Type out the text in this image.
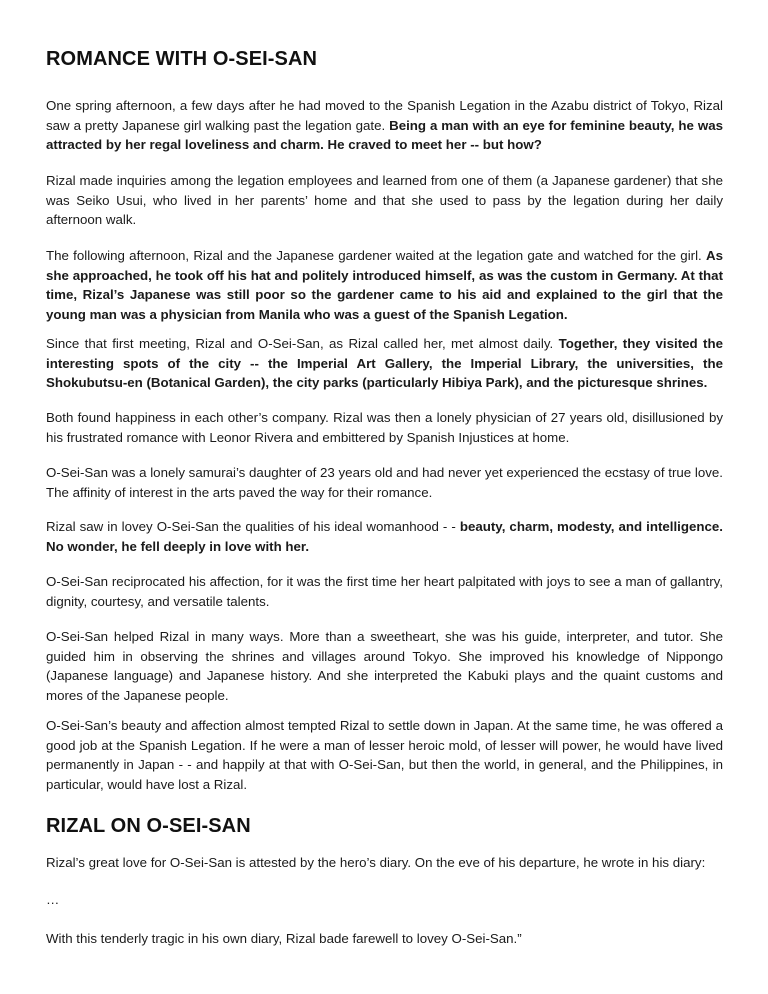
ROMANCE WITH O-SEI-SAN

One spring afternoon, a few days after he had moved to the Spanish Legation in the Azabu district of Tokyo, Rizal saw a pretty Japanese girl walking past the legation gate. Being a man with an eye for feminine beauty, he was attracted by her regal loveliness and charm. He craved to meet her -- but how?

Rizal made inquiries among the legation employees and learned from one of them (a Japanese gardener) that she was Seiko Usui, who lived in her parents’ home and that she used to pass by the legation during her daily afternoon walk.

The following afternoon, Rizal and the Japanese gardener waited at the legation gate and watched for the girl. As she approached, he took off his hat and politely introduced himself, as was the custom in Germany. At that time, Rizal’s Japanese was still poor so the gardener came to his aid and explained to the girl that the young man was a physician from Manila who was a guest of the Spanish Legation.

Since that first meeting, Rizal and O-Sei-San, as Rizal called her, met almost daily. Together, they visited the interesting spots of the city -- the Imperial Art Gallery, the Imperial Library, the universities, the Shokubutsu-en (Botanical Garden), the city parks (particularly Hibiya Park), and the picturesque shrines.

Both found happiness in each other’s company. Rizal was then a lonely physician of 27 years old, disillusioned by his frustrated romance with Leonor Rivera and embittered by Spanish Injustices at home.

O-Sei-San was a lonely samurai’s daughter of 23 years old and had never yet experienced the ecstasy of true love. The affinity of interest in the arts paved the way for their romance.

Rizal saw in lovey O-Sei-San the qualities of his ideal womanhood - - beauty, charm, modesty, and intelligence. No wonder, he fell deeply in love with her.

O-Sei-San reciprocated his affection, for it was the first time her heart palpitated with joys to see a man of gallantry, dignity, courtesy, and versatile talents.

O-Sei-San helped Rizal in many ways. More than a sweetheart, she was his guide, interpreter, and tutor. She guided him in observing the shrines and villages around Tokyo. She improved his knowledge of Nippongo (Japanese language) and Japanese history. And she interpreted the Kabuki plays and the quaint customs and mores of the Japanese people.

O-Sei-San’s beauty and affection almost tempted Rizal to settle down in Japan. At the same time, he was offered a good job at the Spanish Legation. If he were a man of lesser heroic mold, of lesser will power, he would have lived permanently in Japan - - and happily at that with O-Sei-San, but then the world, in general, and the Philippines, in particular, would have lost a Rizal.

RIZAL ON O-SEI-SAN

Rizal’s great love for O-Sei-San is attested by the hero’s diary. On the eve of his departure, he wrote in his diary:

…

With this tenderly tragic in his own diary, Rizal bade farewell to lovey O-Sei-San.”
